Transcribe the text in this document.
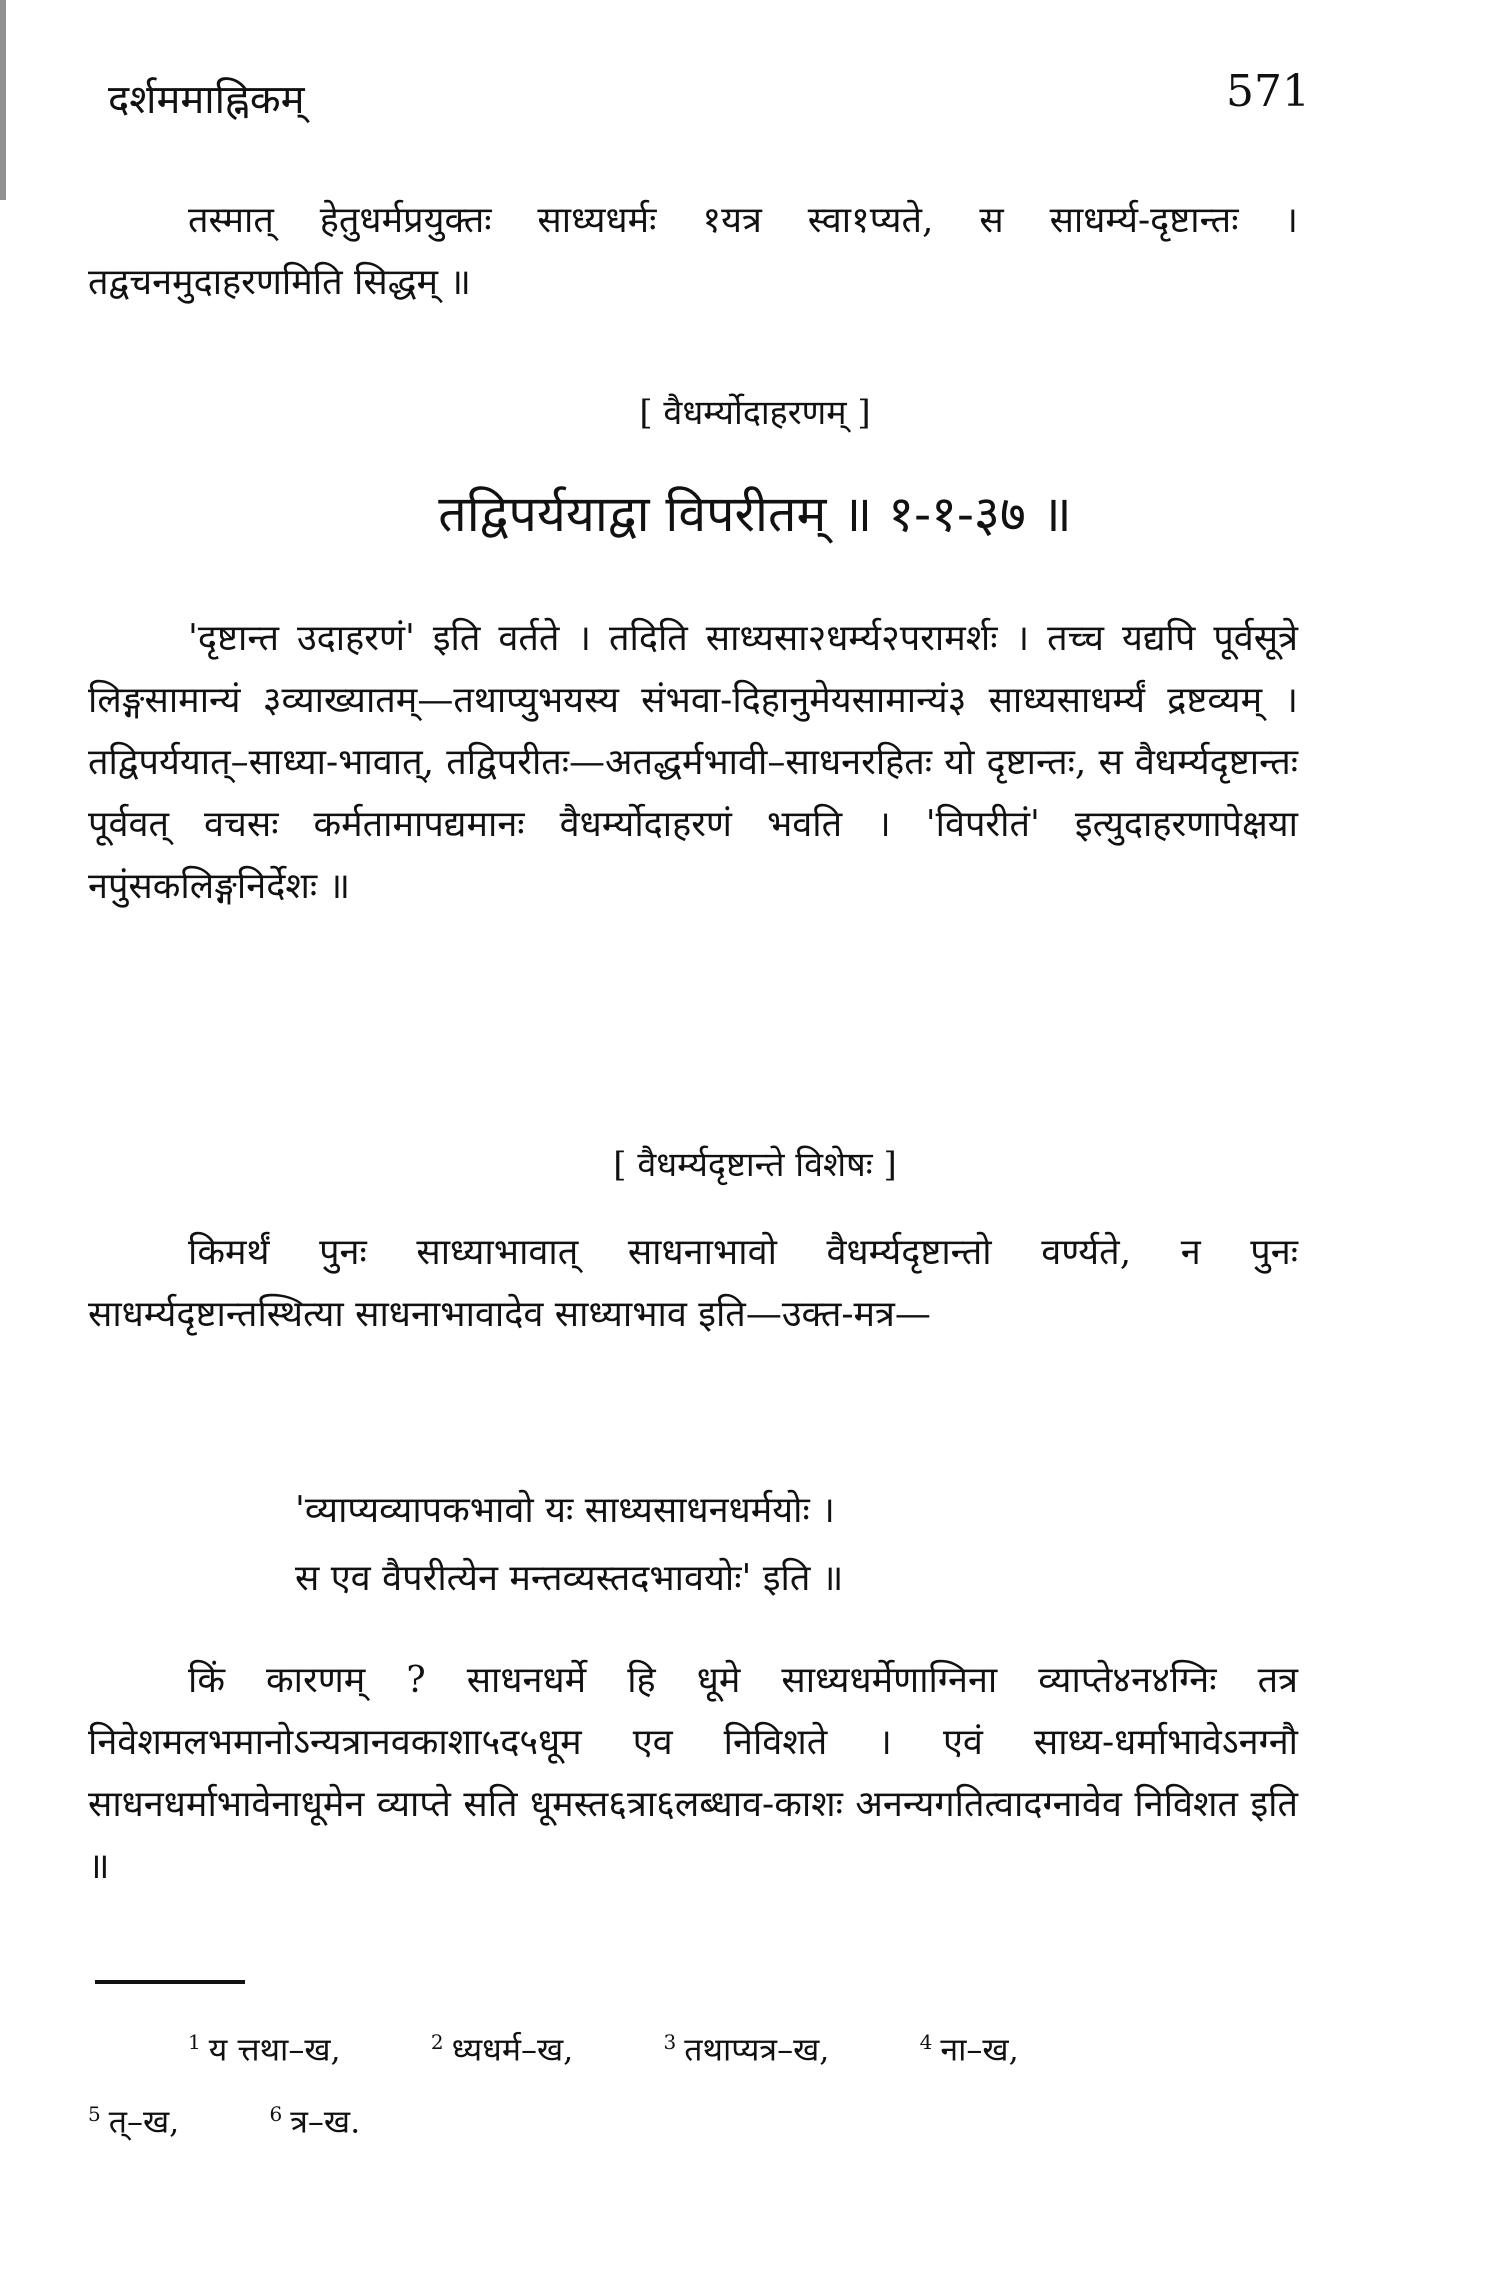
दर्शममाह्निकम्	571
तस्मात् हेतुधर्मप्रयुक्तः साध्यधर्मः १यत्र स्वा१प्यते, स साधर्म्य-दृष्टान्तः । तद्वचनमुदाहरणमिति सिद्धम् ॥
[ वैधर्म्योदाहरणम् ]
तद्विपर्ययाद्वा विपरीतम् ॥ १-१-३७ ॥
'दृष्टान्त उदाहरणं' इति वर्तते । तदिति साध्यसा२धर्म्य२परामर्शः । तच्च यद्यपि पूर्वसूत्रे लिङ्गसामान्यं ३व्याख्यातम्—तथाप्युभयस्य संभवा-दिहानुमेयसामान्यं३ साध्यसाधर्म्यं द्रष्टव्यम् । तद्विपर्ययात्–साध्या-भावात्, तद्विपरीतः—अतद्धर्मभावी–साधनरहितः यो दृष्टान्तः, स वैधर्म्यदृष्टान्तः पूर्ववत् वचसः कर्मतामापद्यमानः वैधर्म्योदाहरणं भवति । 'विपरीतं' इत्युदाहरणापेक्षया नपुंसकलिङ्गनिर्देशः ॥
[ वैधर्म्यदृष्टान्ते विशेषः ]
किमर्थं पुनः साध्याभावात् साधनाभावो वैधर्म्यदृष्टान्तो वर्ण्यते, न पुनः साधर्म्यदृष्टान्तस्थित्या साधनाभावादेव साध्याभाव इति—उक्त-मत्र—
'व्याप्यव्यापकभावो यः साध्यसाधनधर्मयोः ।
स एव वैपरीत्येन मन्तव्यस्तदभावयोः' इति ॥
किं कारणम् ? साधनधर्मे हि धूमे साध्यधर्मेणाग्निना व्याप्ते४न४ग्निः तत्र निवेशमलभमानोऽन्यत्रानवकाशा५द५धूम एव निविशते । एवं साध्य-धर्माभावेऽनग्नौ साधनधर्माभावेनाधूमेन व्याप्ते सति धूमस्त६त्रा६लब्धाव-काशः अनन्यगतित्वादग्नावेव निविशत इति ॥
$^1$ य त्तथा–ख,	$^2$ ध्यधर्म–ख,	$^3$ तथाप्यत्र–ख,	$^4$ ना–ख,
$^5$ त्–ख,	$^6$ त्र–ख.
